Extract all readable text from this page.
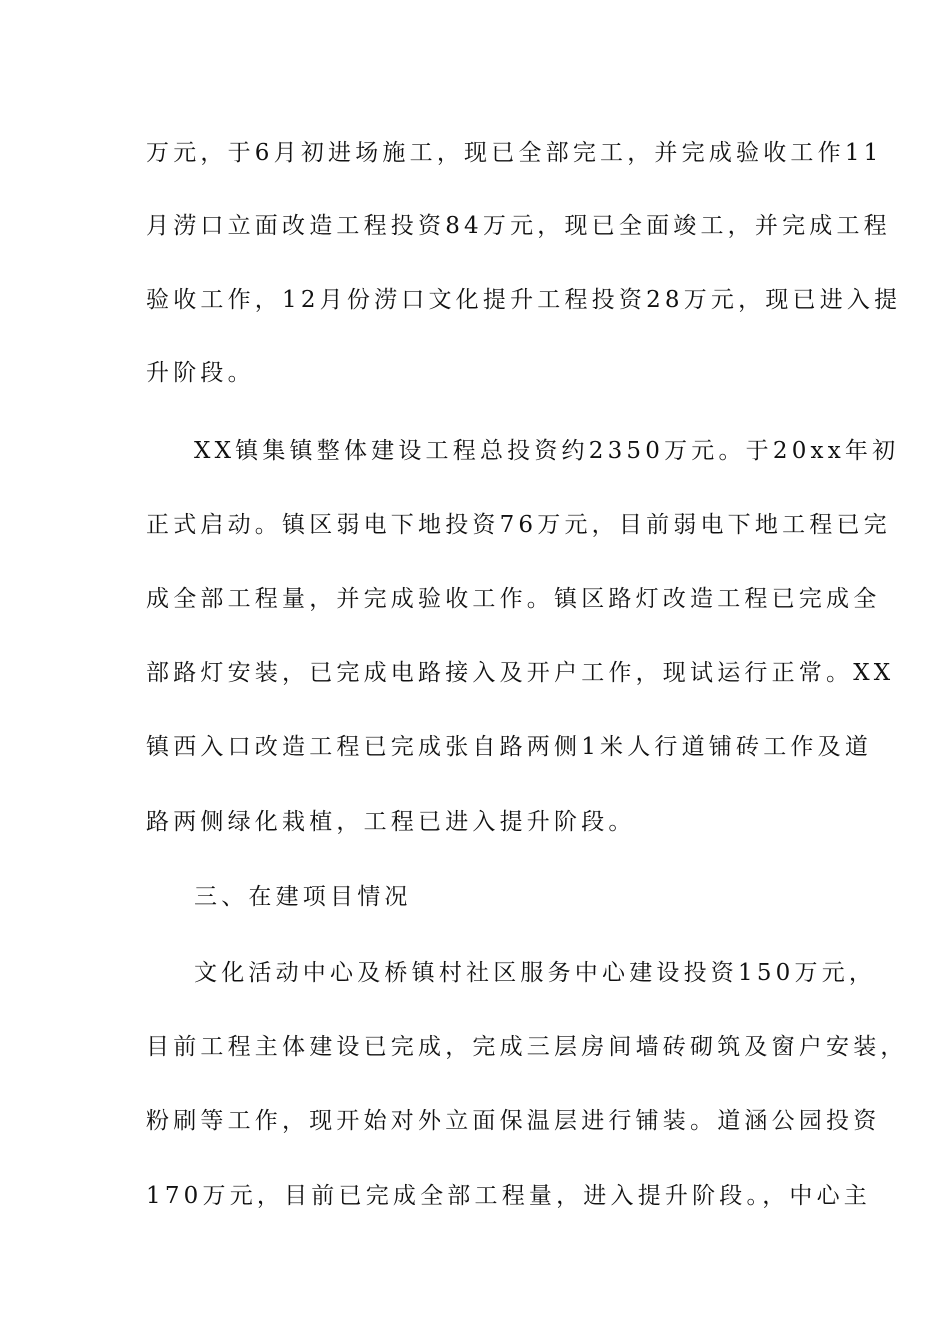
万元，于6月初进场施工，现已全部完工，并完成验收工作11
月涝口立面改造工程投资84万元，现已全面竣工，并完成工程
验收工作，12月份涝口文化提升工程投资28万元，现已进入提
升阶段。
XX镇集镇整体建设工程总投资约2350万元。于20xx年初
正式启动。镇区弱电下地投资76万元，目前弱电下地工程已完
成全部工程量，并完成验收工作。镇区路灯改造工程已完成全
部路灯安装，已完成电路接入及开户工作，现试运行正常。XX
镇西入口改造工程已完成张自路两侧1米人行道铺砖工作及道
路两侧绿化栽植，工程已进入提升阶段。
三、在建项目情况
文化活动中心及桥镇村社区服务中心建设投资150万元，
目前工程主体建设已完成，完成三层房间墙砖砌筑及窗户安装，
粉刷等工作，现开始对外立面保温层进行铺装。道涵公园投资
170万元，目前已完成全部工程量，进入提升阶段。，中心主
